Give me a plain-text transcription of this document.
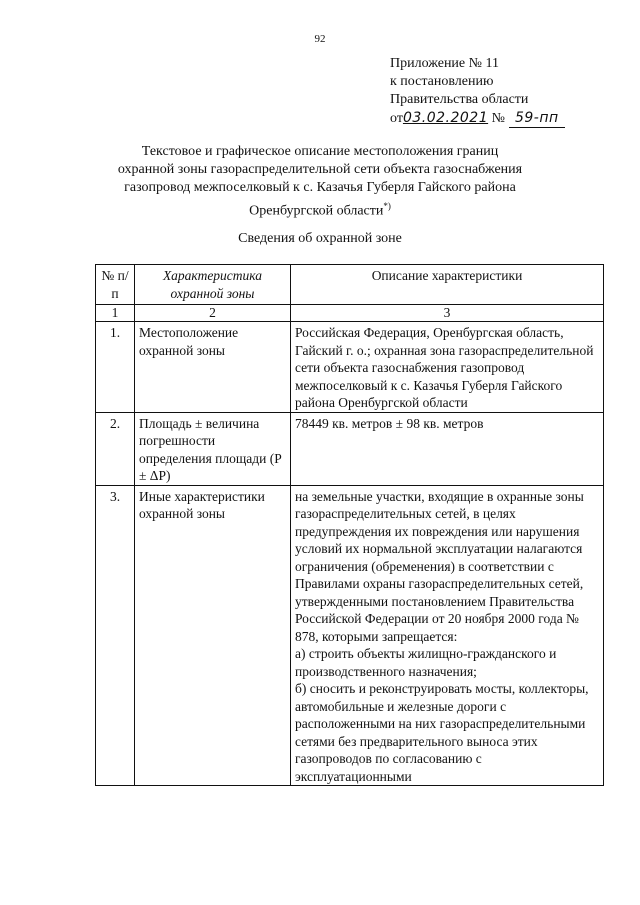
92
Приложение № 11
к постановлению
Правительства области
от03.02.2021 № 59-пп
Текстовое и графическое описание местоположения границ
охранной зоны газораспределительной сети объекта газоснабжения
газопровод межпоселковый к с. Казачья Губерля Гайского района
Оренбургской области*)
Сведения об охранной зоне
№ п/п	Характеристика охранной зоны	Описание характеристики
1	2	3
1.	Местоположение охранной зоны	Российская Федерация, Оренбургская область, Гайский г. о.; охранная зона газораспределительной сети объекта газоснабжения газопровод межпоселковый к с. Казачья Губерля Гайского района Оренбургской области
2.	Площадь ± величина погрешности определения площади (P ± ΔP)	78449 кв. метров ± 98 кв. метров
3.	Иные характеристики охранной зоны	на земельные участки, входящие в охранные зоны газораспределительных сетей, в целях предупреждения их повреждения или нарушения условий их нормальной эксплуатации налагаются ограничения (обременения) в соответствии с Правилами охраны газораспределительных сетей, утвержденными постановлением Правительства Российской Федерации от 20 ноября 2000 года № 878, которыми запрещается:
а) строить объекты жилищно-гражданского и производственного назначения;
б) сносить и реконструировать мосты, коллекторы, автомобильные и железные дороги с расположенными на них газораспределительными сетями без предварительного выноса этих газопроводов по согласованию с эксплуатационными
